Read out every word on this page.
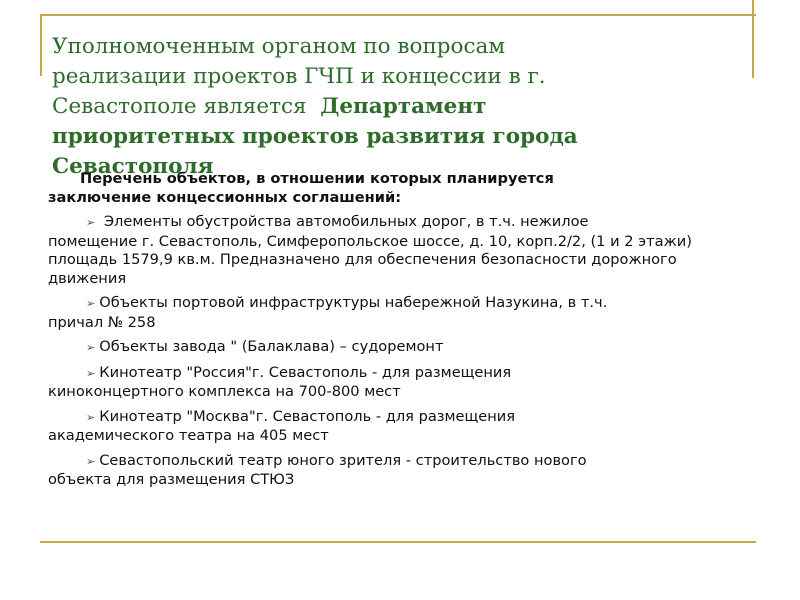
Уполномоченным органом по вопросам
реализации проектов ГЧП и концессии в г.
Севастополе является  Департамент
приоритетных проектов развития города
Севастополя
Перечень объектов, в отношении которых планируется
заключение концессионных соглашений:
➢ Элементы обустройства автомобильных дорог, в т.ч. нежилое
помещение г. Севастополь, Симферопольское шоссе, д. 10, корп.2/2, (1 и 2 этажи) площадь 1579,9 кв.м. Предназначено для обеспечения безопасности дорожного движения
➢ Объекты портовой инфраструктуры набережной Назукина, в т.ч.
причал № 258
➢ Объекты завода " (Балаклава) – судоремонт
➢ Кинотеатр "Россия"г. Севастополь - для размещения
киноконцертного комплекса на 700-800 мест
➢ Кинотеатр "Москва"г. Севастополь - для размещения
академического театра на 405 мест
➢ Севастопольский театр юного зрителя - строительство нового
объекта для размещения СТЮЗ
